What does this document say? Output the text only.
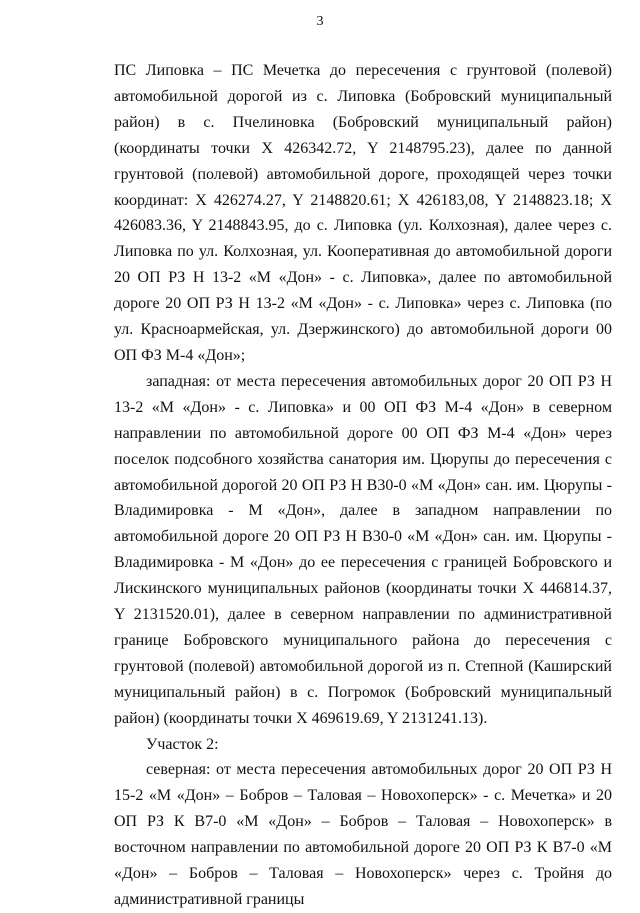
3

ПС Липовка – ПС Мечетка до пересечения с грунтовой (полевой) автомобильной дорогой из с. Липовка (Бобровский муниципальный район) в с. Пчелиновка (Бобровский муниципальный район) (координаты точки X 426342.72, Y 2148795.23), далее по данной грунтовой (полевой) автомобильной дороге, проходящей через точки координат: X 426274.27, Y 2148820.61; X 426183,08, Y 2148823.18; X 426083.36, Y 2148843.95, до с. Липовка (ул. Колхозная), далее через с. Липовка по ул. Колхозная, ул. Кооперативная до автомобильной дороги 20 ОП РЗ Н 13-2 «М «Дон» - с. Липовка», далее по автомобильной дороге 20 ОП РЗ Н 13-2 «М «Дон» - с. Липовка» через с. Липовка (по ул. Красноармейская, ул. Дзержинского) до автомобильной дороги 00 ОП ФЗ М-4 «Дон»;

западная: от места пересечения автомобильных дорог 20 ОП РЗ Н 13-2 «М «Дон» - с. Липовка» и 00 ОП ФЗ М-4 «Дон» в северном направлении по автомобильной дороге 00 ОП ФЗ М-4 «Дон» через поселок подсобного хозяйства санатория им. Цюрупы до пересечения с автомобильной дорогой 20 ОП РЗ Н В30-0 «М «Дон» сан. им. Цюрупы - Владимировка - М «Дон», далее в западном направлении по автомобильной дороге 20 ОП РЗ Н В30-0 «М «Дон» сан. им. Цюрупы - Владимировка - М «Дон» до ее пересечения с границей Бобровского и Лискинского муниципальных районов (координаты точки X 446814.37, Y 2131520.01), далее в северном направлении по административной границе Бобровского муниципального района до пересечения с грунтовой (полевой) автомобильной дорогой из п. Степной (Каширский муниципальный район) в с. Погромок (Бобровский муниципальный район) (координаты точки X 469619.69, Y 2131241.13).

Участок 2:

северная: от места пересечения автомобильных дорог 20 ОП РЗ Н 15-2 «М «Дон» – Бобров – Таловая – Новохоперск» - с. Мечетка» и 20 ОП РЗ К В7-0 «М «Дон» – Бобров – Таловая – Новохоперск» в восточном направлении по автомобильной дороге 20 ОП РЗ К В7-0 «М «Дон» – Бобров – Таловая – Новохоперск» через с. Тройня до административной границы
